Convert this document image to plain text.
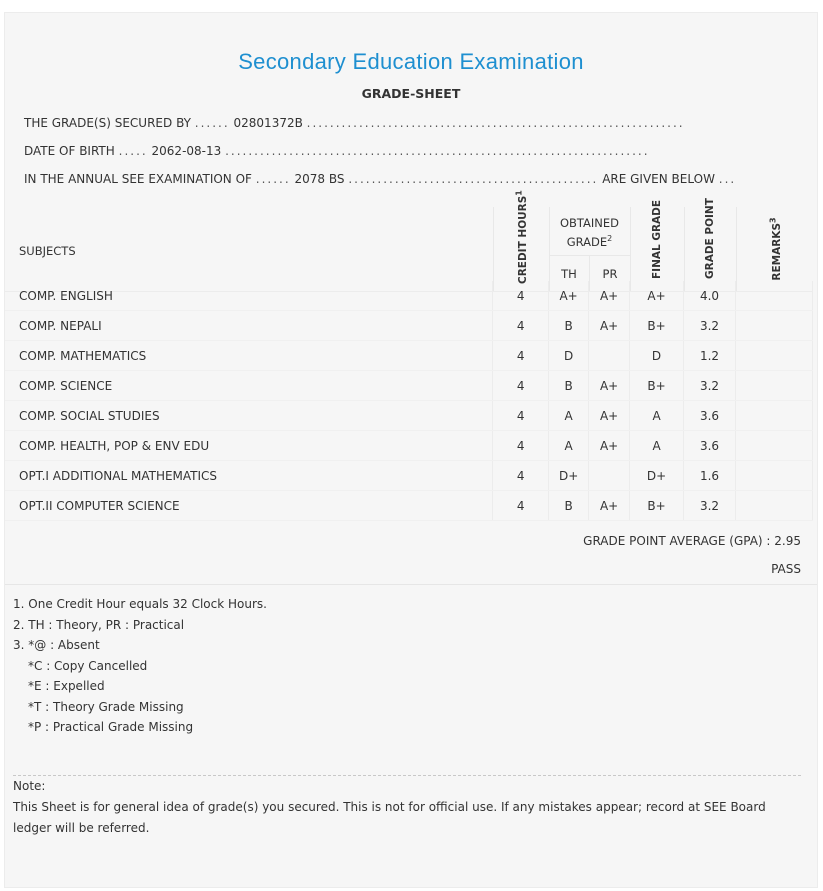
Secondary Education Examination
GRADE-SHEET
THE GRADE(S) SECURED BY ...... 02801372B .................................................................
DATE OF BIRTH ..... 2062-08-13 .........................................................................
IN THE ANNUAL SEE EXAMINATION OF ...... 2078 BS ........................................... ARE GIVEN BELOW ...
SUBJECTS	CREDIT HOURS$^1$
OBTAINED GRADE$^2$
TH	PR	FINAL GRADE	GRADE POINT	REMARKS$^3$
COMP. ENGLISH	4	A+	A+	A+	4.0	
COMP. NEPALI	4	B	A+	B+	3.2	
COMP. MATHEMATICS	4	D		D	1.2	
COMP. SCIENCE	4	B	A+	B+	3.2	
COMP. SOCIAL STUDIES	4	A	A+	A	3.6	
COMP. HEALTH, POP & ENV EDU	4	A	A+	A	3.6	
OPT.I ADDITIONAL MATHEMATICS	4	D+		D+	1.6	
OPT.II COMPUTER SCIENCE	4	B	A+	B+	3.2	
GRADE POINT AVERAGE (GPA) : 2.95
PASS
1. One Credit Hour equals 32 Clock Hours.
2. TH : Theory, PR : Practical
3. *@ : Absent
*C : Copy Cancelled
*E : Expelled
*T : Theory Grade Missing
*P : Practical Grade Missing
Note:
This Sheet is for general idea of grade(s) you secured. This is not for official use. If any mistakes appear; record at SEE Board ledger will be referred.
